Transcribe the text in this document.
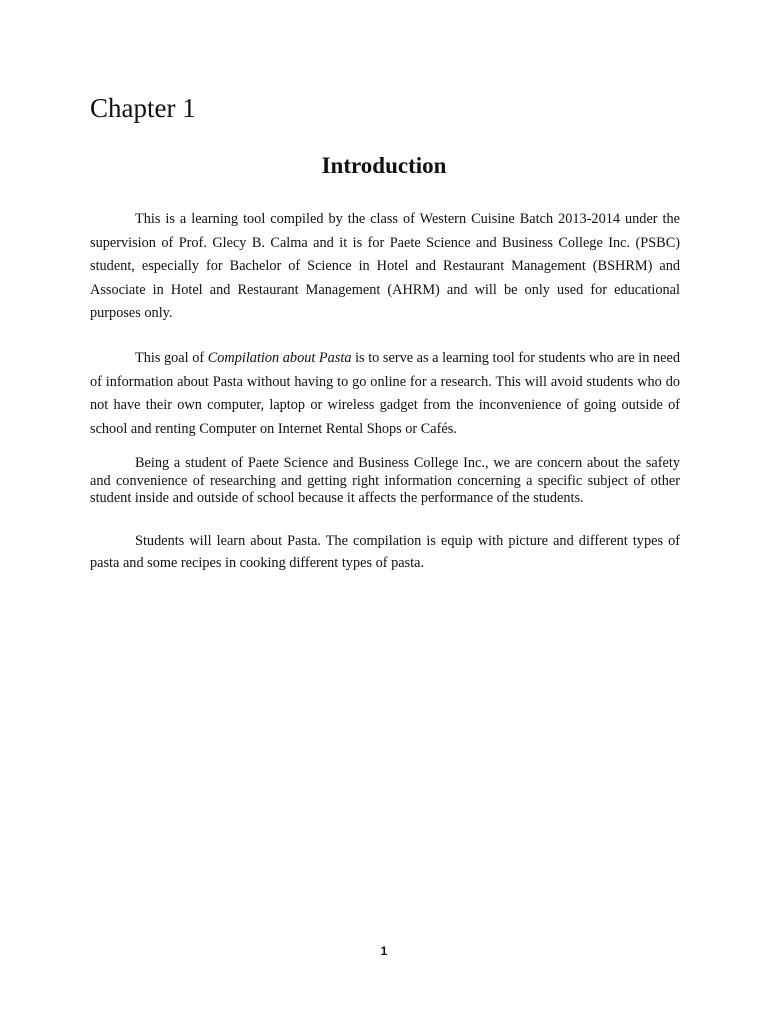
Chapter 1
Introduction

This is a learning tool compiled by the class of Western Cuisine Batch 2013-2014 under the supervision of Prof. Glecy B. Calma and it is for Paete Science and Business College Inc. (PSBC) student, especially for Bachelor of Science in Hotel and Restaurant Management (BSHRM) and Associate in Hotel and Restaurant Management (AHRM) and will be only used for educational purposes only.

This goal of Compilation about Pasta is to serve as a learning tool for students who are in need of information about Pasta without having to go online for a research. This will avoid students who do not have their own computer, laptop or wireless gadget from the inconvenience of going outside of school and renting Computer on Internet Rental Shops or Cafés.

Being a student of Paete Science and Business College Inc., we are concern about the safety and convenience of researching and getting right information concerning a specific subject of other student inside and outside of school because it affects the performance of the students.

Students will learn about Pasta. The compilation is equip with picture and different types of pasta and some recipes in cooking different types of pasta.

1
